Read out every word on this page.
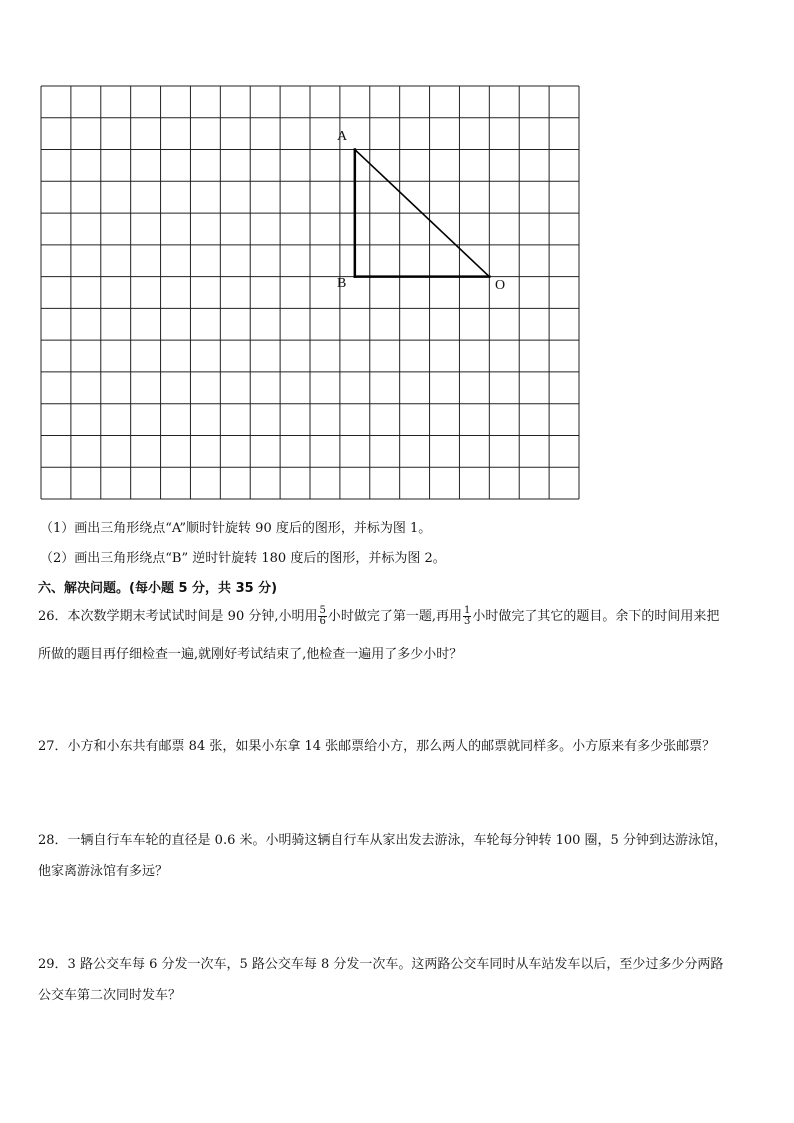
A
B	O
（1）画出三角形绕点“A”顺时针旋转 90 度后的图形，并标为图 1。
（2）画出三角形绕点“B” 逆时针旋转 180 度后的图形，并标为图 2。
六、解决问题。(每小题 5 分，共 35 分)
26．本次数学期末考试试时间是 90 分钟,小明用 $\frac{5}{6}$ 小时做完了第一题,再用 $\frac{1}{3}$ 小时做完了其它的题目。余下的时间用来把
所做的题目再仔细检查一遍,就刚好考试结束了,他检查一遍用了多少小时？
27．小方和小东共有邮票 84 张，如果小东拿 14 张邮票给小方，那么两人的邮票就同样多。小方原来有多少张邮票？
28．一辆自行车车轮的直径是 0.6 米。小明骑这辆自行车从家出发去游泳，车轮每分钟转 100 圈，5 分钟到达游泳馆，
他家离游泳馆有多远？
29．3 路公交车每 6 分发一次车，5 路公交车每 8 分发一次车。这两路公交车同时从车站发车以后，至少过多少分两路
公交车第二次同时发车？
